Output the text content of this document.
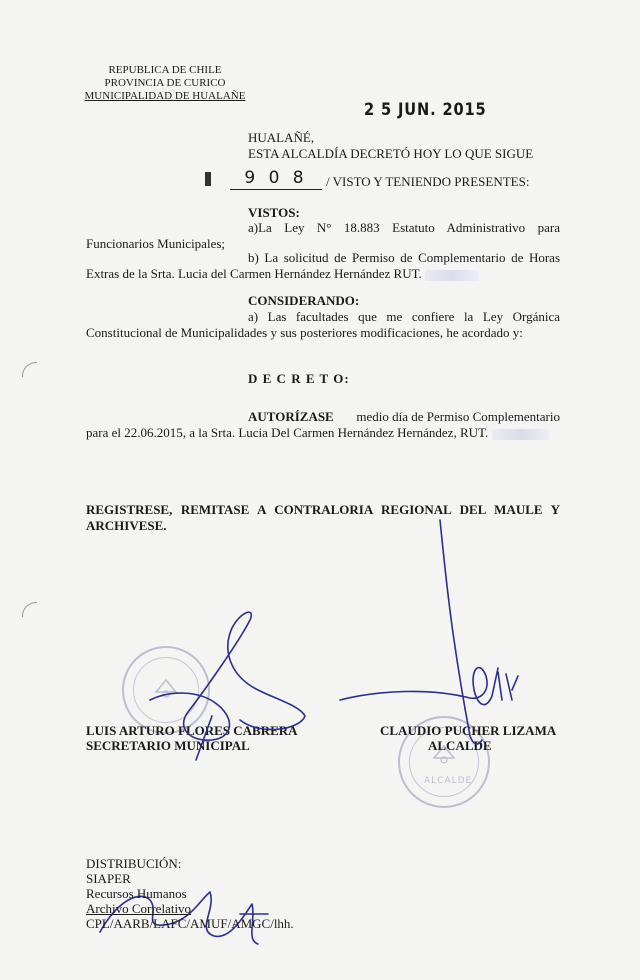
REPUBLICA DE CHILE
PROVINCIA DE CURICO
MUNICIPALIDAD DE HUALAÑE
2 5 JUN. 2015
HUALAÑÉ,
ESTA ALCALDÍA DECRETÓ HOY LO QUE SIGUE
9 0 8	/ VISTO Y TENIENDO PRESENTES:
VISTOS:
a)La Ley N° 18.883 Estatuto Administrativo para
Funcionarios Municipales;
b) La solicitud de Permiso de Complementario de Horas
Extras de la Srta. Lucia del Carmen Hernández Hernández RUT.
CONSIDERANDO:
a) Las facultades que me confiere la Ley Orgánica
Constitucional de Municipalidades y sus posteriores modificaciones, he acordado y:
D E C R E T O:
AUTORÍZASE medio día de Permiso Complementario
para el 22.06.2015, a la Srta. Lucia Del Carmen Hernández Hernández, RUT.
REGISTRESE, REMITASE A CONTRALORIA REGIONAL DEL MAULE Y ARCHIVESE.
ALCALDE
LUIS ARTURO FLORES CABRERA
SECRETARIO MUNICIPAL
CLAUDIO PUCHER LIZAMA
ALCALDE
DISTRIBUCIÓN:
SIAPER
Recursos Humanos
Archivo Correlativo
CPL/AARB/LAFC/AMUF/AMGC/lhh.
